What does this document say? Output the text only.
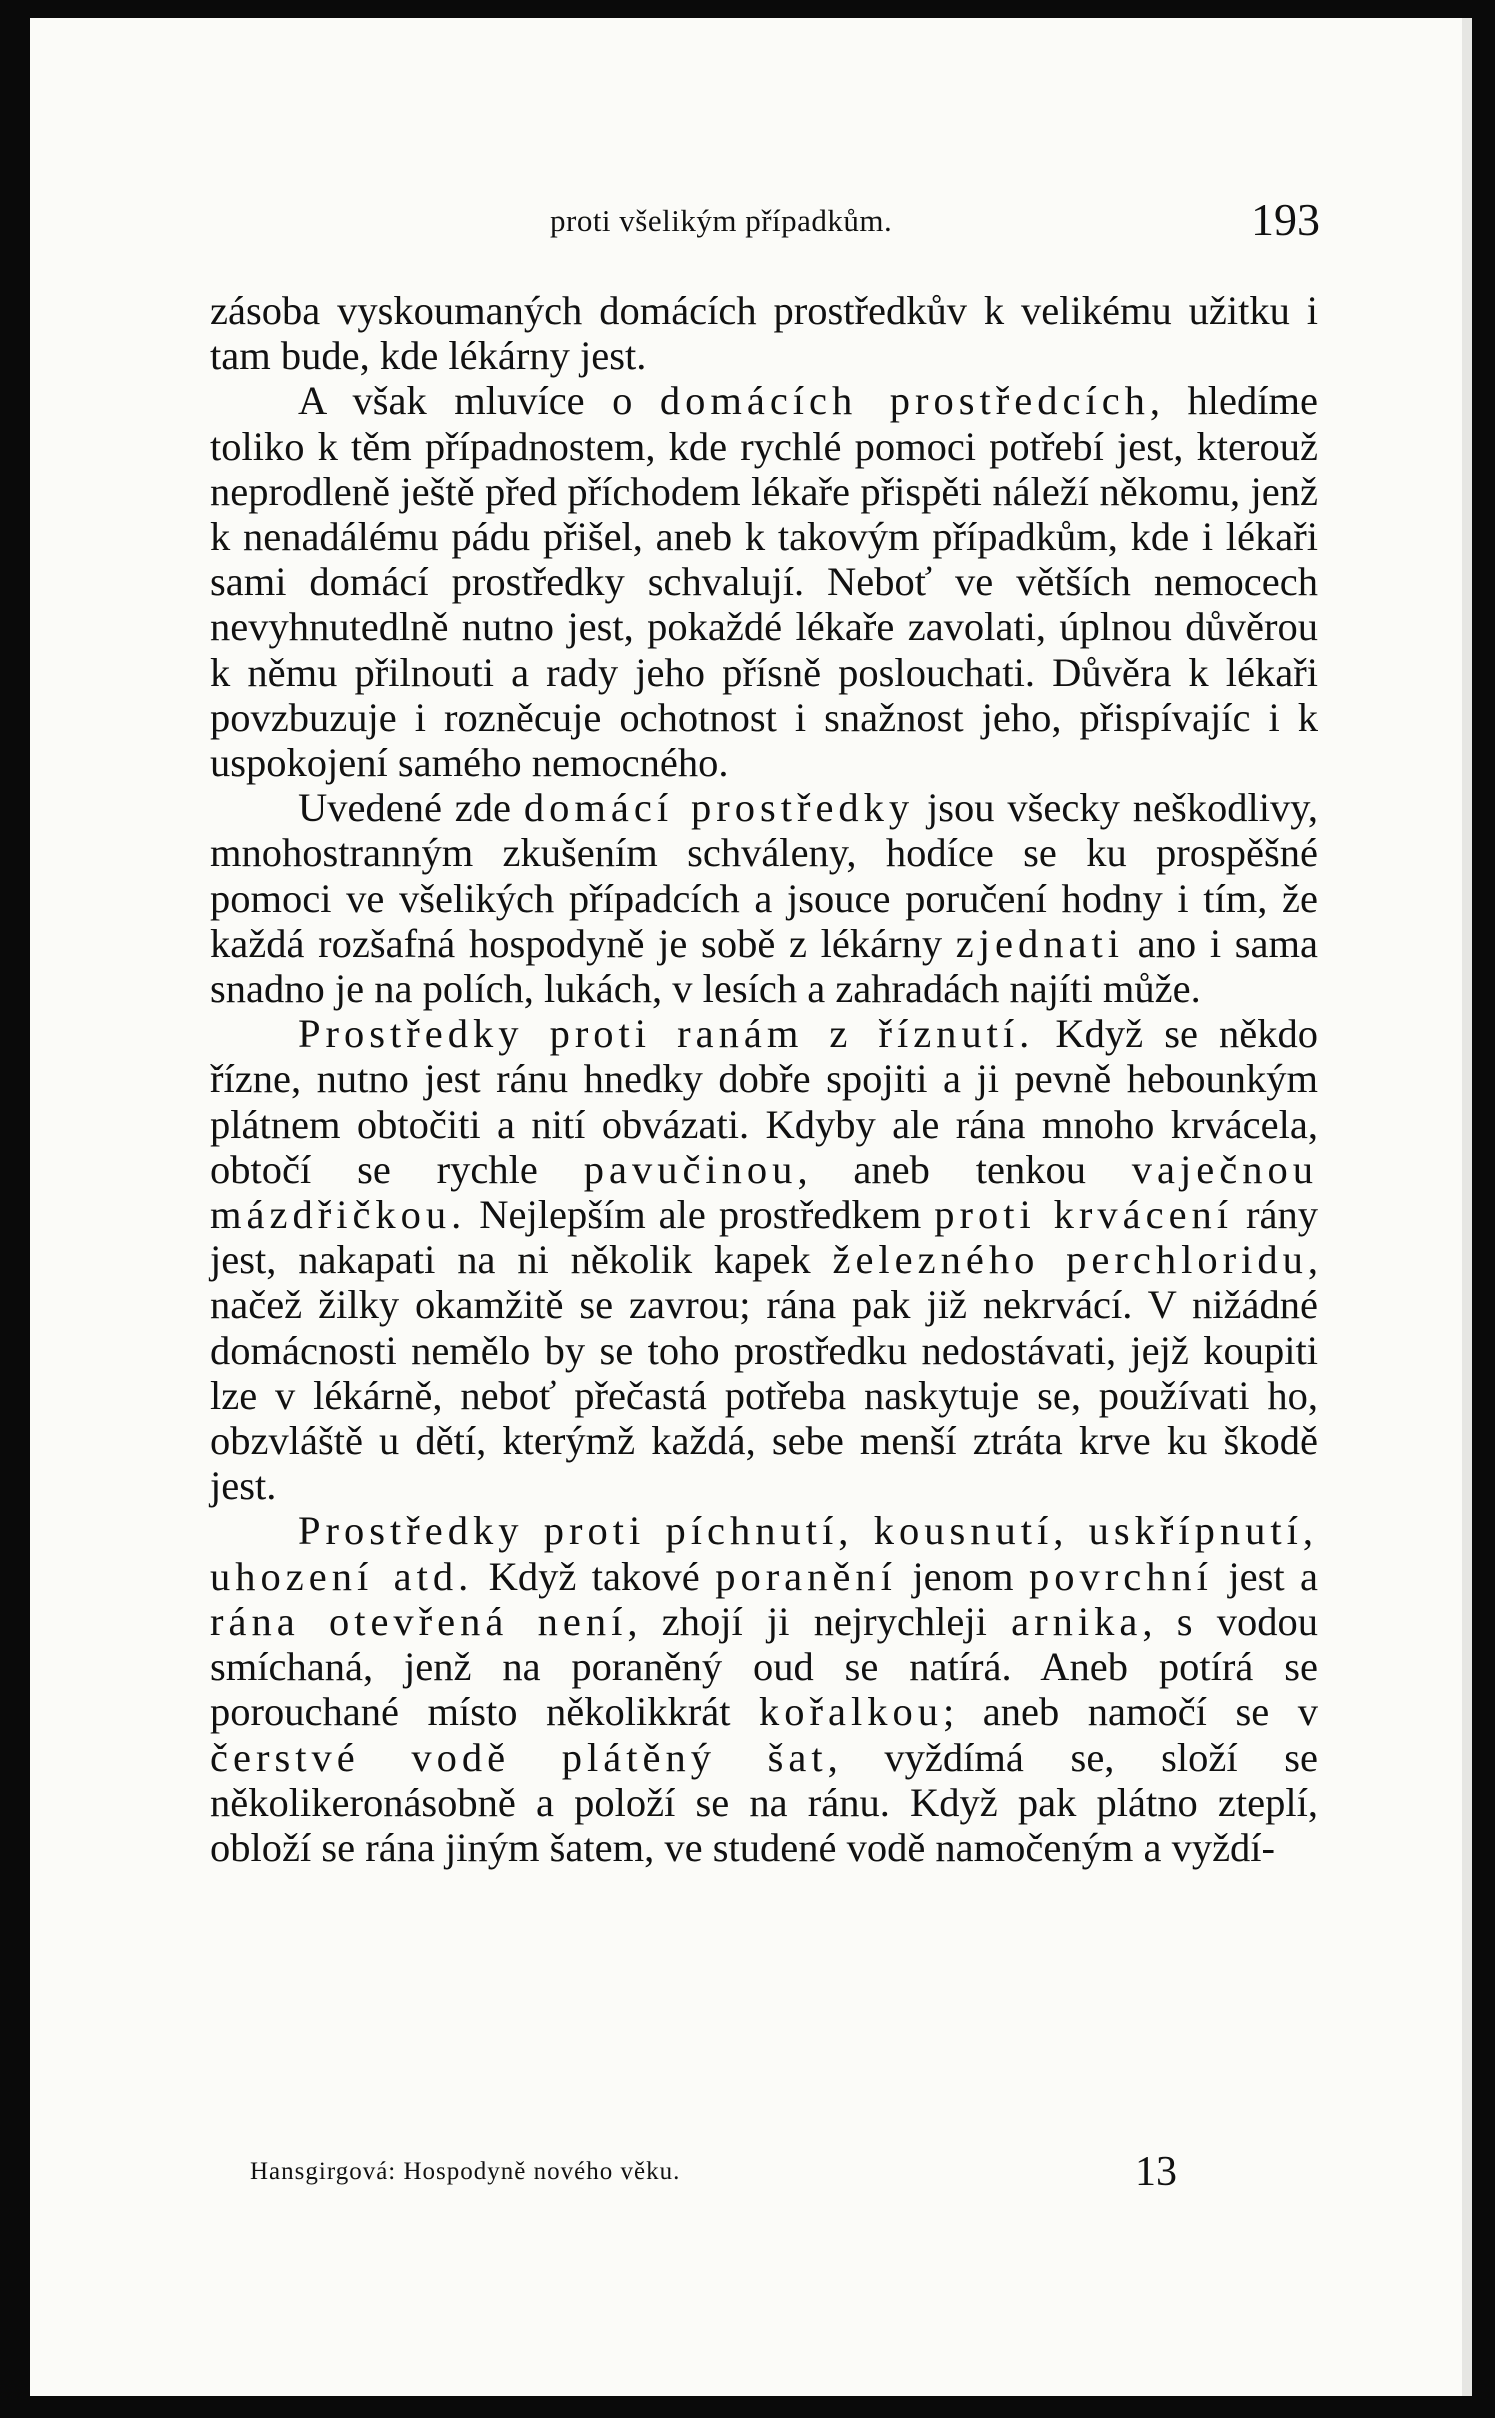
proti všelikým případkům.	193

zásoba vyskoumaných domácích prostředkův k velikému užitku i tam bude, kde lékárny jest.

A však mluvíce o domácích prostředcích, hledíme toliko k těm případnostem, kde rychlé pomoci potřebí jest, kterouž neprodleně ještě před příchodem lékaře přispěti náleží někomu, jenž k nenadálému pádu přišel, aneb k takovým případkům, kde i lékaři sami domácí prostředky schvalují. Neboť ve větších nemocech nevyhnutedlně nutno jest, pokaždé lékaře zavolati, úplnou důvěrou k němu přilnouti a rady jeho přísně poslouchati. Důvěra k lékaři povzbuzuje i rozněcuje ochotnost i snažnost jeho, přispívajíc i k uspokojení samého nemocného.

Uvedené zde domácí prostředky jsou všecky neškodlivy, mnohostranným zkušením schváleny, hodíce se ku prospěšné pomoci ve všelikých případcích a jsouce poručení hodny i tím, že každá rozšafná hospodyně je sobě z lékárny zjednati ano i sama snadno je na polích, lukách, v lesích a zahradách najíti může.

Prostředky proti ranám z říznutí. Když se někdo řízne, nutno jest ránu hnedky dobře spojiti a ji pevně hebounkým plátnem obtočiti a nití obvázati. Kdyby ale rána mnoho krvácela, obtočí se rychle pavučinou, aneb tenkou vaječnou mázdřičkou. Nejlepším ale prostředkem proti krvácení rány jest, nakapati na ni několik kapek železného perchloridu, načež žilky okamžitě se zavrou; rána pak již nekrvácí. V nižádné domácnosti nemělo by se toho prostředku nedostávati, jejž koupiti lze v lékárně, neboť přečastá potřeba naskytuje se, používati ho, obzvláště u dětí, kterýmž každá, sebe menší ztráta krve ku škodě jest.

Prostředky proti píchnutí, kousnutí, uskřípnutí, uhození atd. Když takové poranění jenom povrchní jest a rána otevřená není, zhojí ji nejrychleji arnika, s vodou smíchaná, jenž na poraněný oud se natírá. Aneb potírá se porouchané místo několikkrát kořalkou; aneb namočí se v čerstvé vodě plátěný šat, vyždímá se, složí se několikeronásobně a položí se na ránu. Když pak plátno zteplí, obloží se rána jiným šatem, ve studené vodě namočeným a vyždí-

Hansgirgová: Hospodyně nového věku.	13
